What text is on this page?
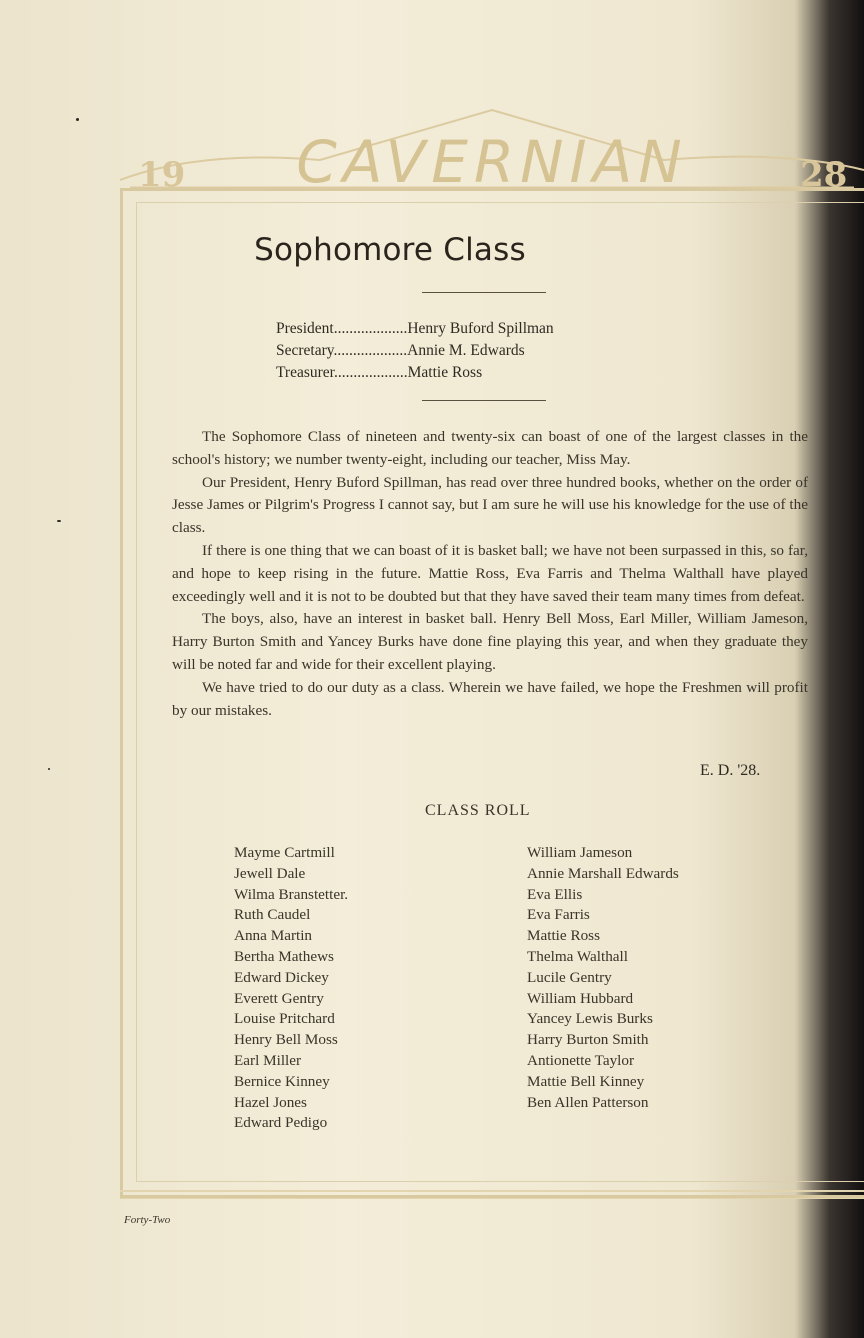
19 CAVERNIAN	28
Sophomore Class
President...................Henry Buford Spillman
Secretary...................Annie M. Edwards
Treasurer...................Mattie Ross

The Sophomore Class of nineteen and twenty-six can boast of one of the largest classes in the school's history; we number twenty-eight, including our teacher, Miss May.

Our President, Henry Buford Spillman, has read over three hundred books, whether on the order of Jesse James or Pilgrim's Progress I cannot say, but I am sure he will use his knowledge for the use of the class.

If there is one thing that we can boast of it is basket ball; we have not been surpassed in this, so far, and hope to keep rising in the future. Mattie Ross, Eva Farris and Thelma Walthall have played exceedingly well and it is not to be doubted but that they have saved their team many times from defeat.

The boys, also, have an interest in basket ball. Henry Bell Moss, Earl Miller, William Jameson, Harry Burton Smith and Yancey Burks have done fine playing this year, and when they graduate they will be noted far and wide for their excellent playing.

We have tried to do our duty as a class. Wherein we have failed, we hope the Freshmen will profit by our mistakes.

E. D. '28.
CLASS ROLL
Mayme Cartmill
Jewell Dale
Wilma Branstetter.
Ruth Caudel
Anna Martin
Bertha Mathews
Edward Dickey
Everett Gentry
Louise Pritchard
Henry Bell Moss
Earl Miller
Bernice Kinney
Hazel Jones
Edward Pedigo
William Jameson
Annie Marshall Edwards
Eva Ellis
Eva Farris
Mattie Ross
Thelma Walthall
Lucile Gentry
William Hubbard
Yancey Lewis Burks
Harry Burton Smith
Antionette Taylor
Mattie Bell Kinney
Ben Allen Patterson
Forty-Two
